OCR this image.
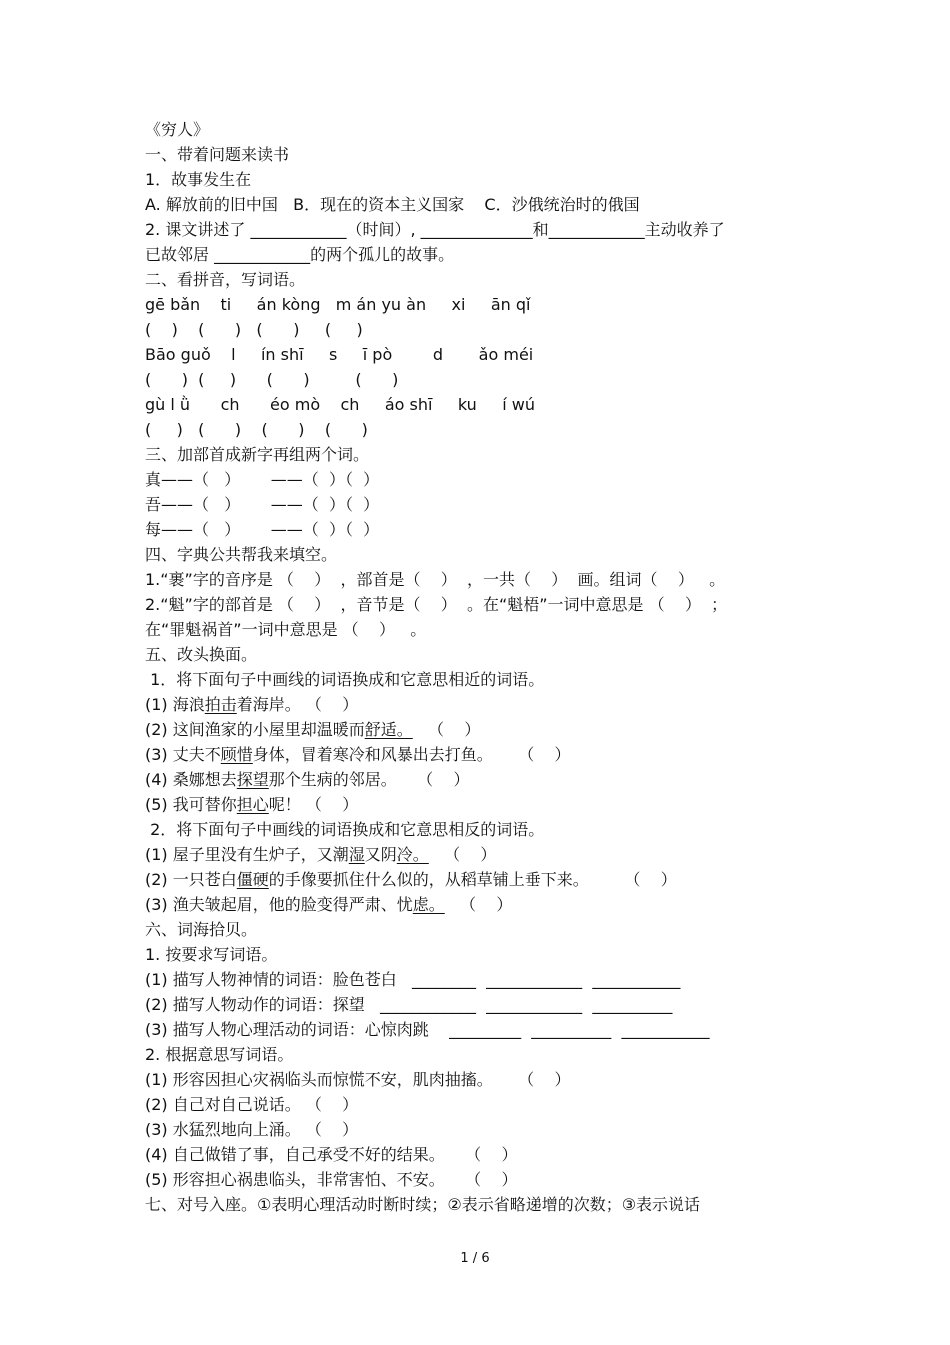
《穷人》
一、带着问题来读书
1．故事发生在
A. 解放前的旧中国   B．现在的资本主义国家    C．沙俄统治时的俄国
2. 课文讲述了 ____________（时间）, ______________和____________主动收养了
已故邻居 ____________的两个孤儿的故事。
二、看拼音，写词语。
gē bǎn    ti     án kòng   m án yu àn     xi     ān qǐ
(    )    (      )   (      )     (     )
Bāo guǒ    l     ín shī     s     ī pò        d       ǎo méi
(      )  (     )      (      )         (      )
gù l ǜ      ch      éo mò    ch     áo shī     ku     í wú
(     )   (      )    (      )    (      )
三、加部首成新字再组两个词。
真——（   ）      ——（  ）（  ）
吾——（   ）      ——（  ）（  ）
每——（   ）      ——（  ）（  ）
四、字典公共帮我来填空。
1.“裹”字的音序是 （    ）  ，部首是（    ）  ，一共（    ）  画。组词（    ）   。
2.“魁”字的部首是 （    ）  ，音节是（    ）  。在“魁梧”一词中意思是 （    ）  ；
在“罪魁祸首”一词中意思是 （    ）   。
五、改头换面。
1．将下面句子中画线的词语换成和它意思相近的词语。
(1) 海浪拍击着海岸。 （    ）
(2) 这间渔家的小屋里却温暖而舒适。   （    ）
(3) 丈夫不顾惜身体，冒着寒冷和风暴出去打鱼。     （    ）
(4) 桑娜想去探望那个生病的邻居。    （    ）
(5) 我可替你担心呢！ （    ）
2．将下面句子中画线的词语换成和它意思相反的词语。
(1) 屋子里没有生炉子，又潮湿又阴冷。   （    ）
(2) 一只苍白僵硬的手像要抓住什么似的，从稻草铺上垂下来。       （    ）
(3) 渔夫皱起眉，他的脸变得严肃、忧虑。   （    ）
六、词海拾贝。
1. 按要求写词语。
(1) 描写人物神情的词语：脸色苍白   ________  ____________  ___________
(2) 描写人物动作的词语：探望   ____________  ____________  __________
(3) 描写人物心理活动的词语：心惊肉跳    _________  __________  ___________
2. 根据意思写词语。
(1) 形容因担心灾祸临头而惊慌不安，肌肉抽搐。     （    ）
(2) 自己对自己说话。 （    ）
(3) 水猛烈地向上涌。 （    ）
(4) 自己做错了事，自己承受不好的结果。    （    ）
(5) 形容担心祸患临头，非常害怕、不安。    （    ）
七、对号入座。①表明心理活动时断时续；②表示省略递增的次数；③表示说话
1 / 6
